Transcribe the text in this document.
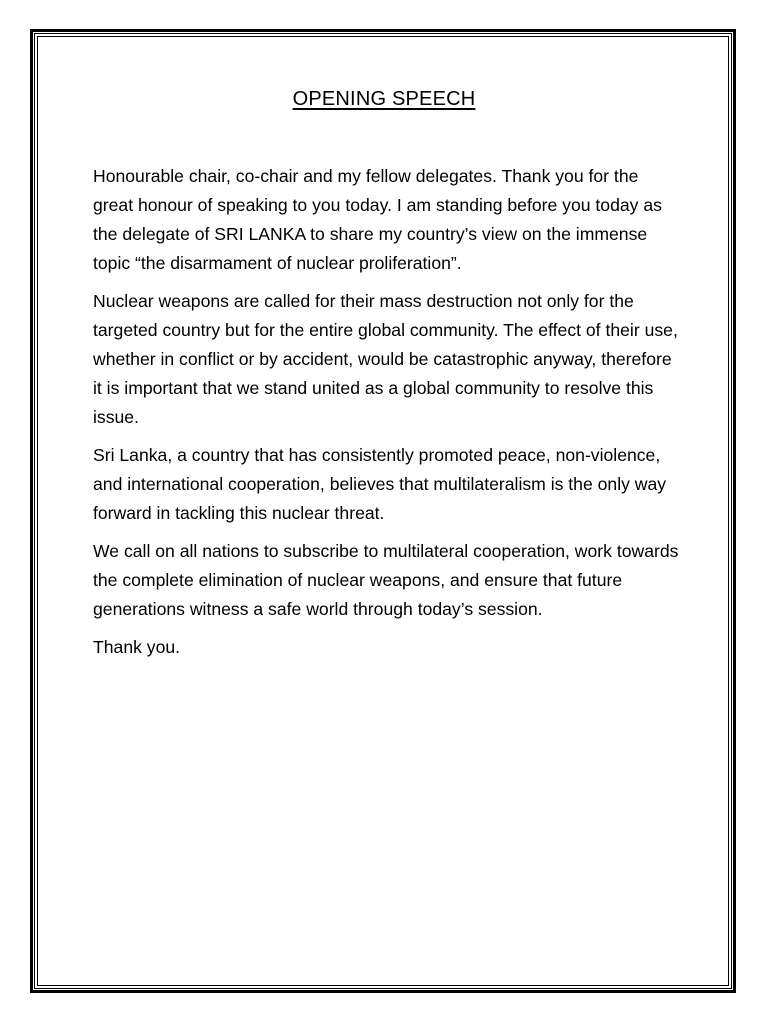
OPENING SPEECH

Honourable chair, co-chair and my fellow delegates. Thank you for the great honour of speaking to you today. I am standing before you today as the delegate of SRI LANKA to share my country’s view on the immense topic “the disarmament of nuclear proliferation”.

Nuclear weapons are called for their mass destruction not only for the targeted country but for the entire global community. The effect of their use, whether in conflict or by accident, would be catastrophic anyway, therefore it is important that we stand united as a global community to resolve this issue.

Sri Lanka, a country that has consistently promoted peace, non-violence, and international cooperation, believes that multilateralism is the only way forward in tackling this nuclear threat.

We call on all nations to subscribe to multilateral cooperation, work towards the complete elimination of nuclear weapons, and ensure that future generations witness a safe world through today’s session.

Thank you.
